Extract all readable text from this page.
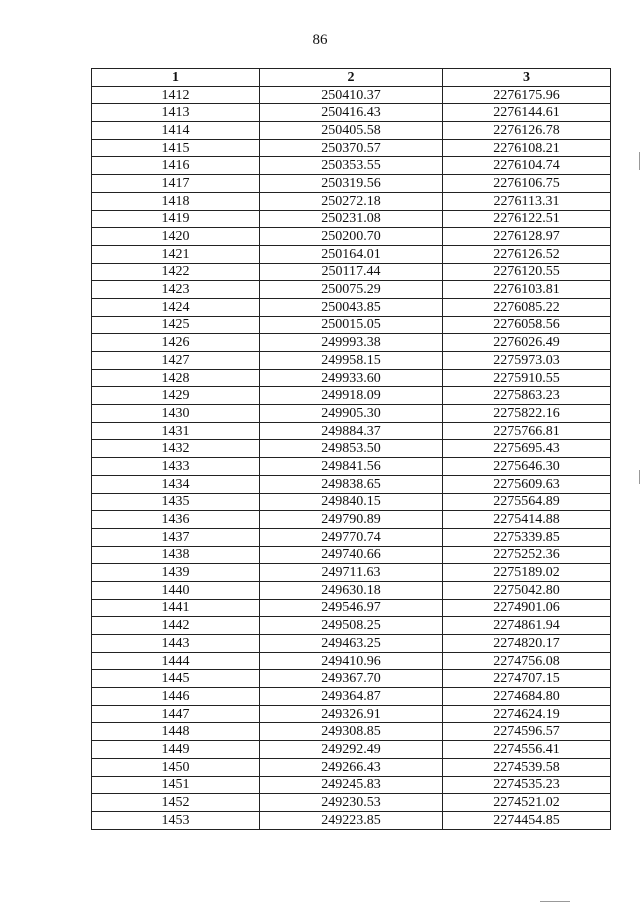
86
1	2	3
1412	250410.37	2276175.96
1413	250416.43	2276144.61
1414	250405.58	2276126.78
1415	250370.57	2276108.21
1416	250353.55	2276104.74
1417	250319.56	2276106.75
1418	250272.18	2276113.31
1419	250231.08	2276122.51
1420	250200.70	2276128.97
1421	250164.01	2276126.52
1422	250117.44	2276120.55
1423	250075.29	2276103.81
1424	250043.85	2276085.22
1425	250015.05	2276058.56
1426	249993.38	2276026.49
1427	249958.15	2275973.03
1428	249933.60	2275910.55
1429	249918.09	2275863.23
1430	249905.30	2275822.16
1431	249884.37	2275766.81
1432	249853.50	2275695.43
1433	249841.56	2275646.30
1434	249838.65	2275609.63
1435	249840.15	2275564.89
1436	249790.89	2275414.88
1437	249770.74	2275339.85
1438	249740.66	2275252.36
1439	249711.63	2275189.02
1440	249630.18	2275042.80
1441	249546.97	2274901.06
1442	249508.25	2274861.94
1443	249463.25	2274820.17
1444	249410.96	2274756.08
1445	249367.70	2274707.15
1446	249364.87	2274684.80
1447	249326.91	2274624.19
1448	249308.85	2274596.57
1449	249292.49	2274556.41
1450	249266.43	2274539.58
1451	249245.83	2274535.23
1452	249230.53	2274521.02
1453	249223.85	2274454.85
